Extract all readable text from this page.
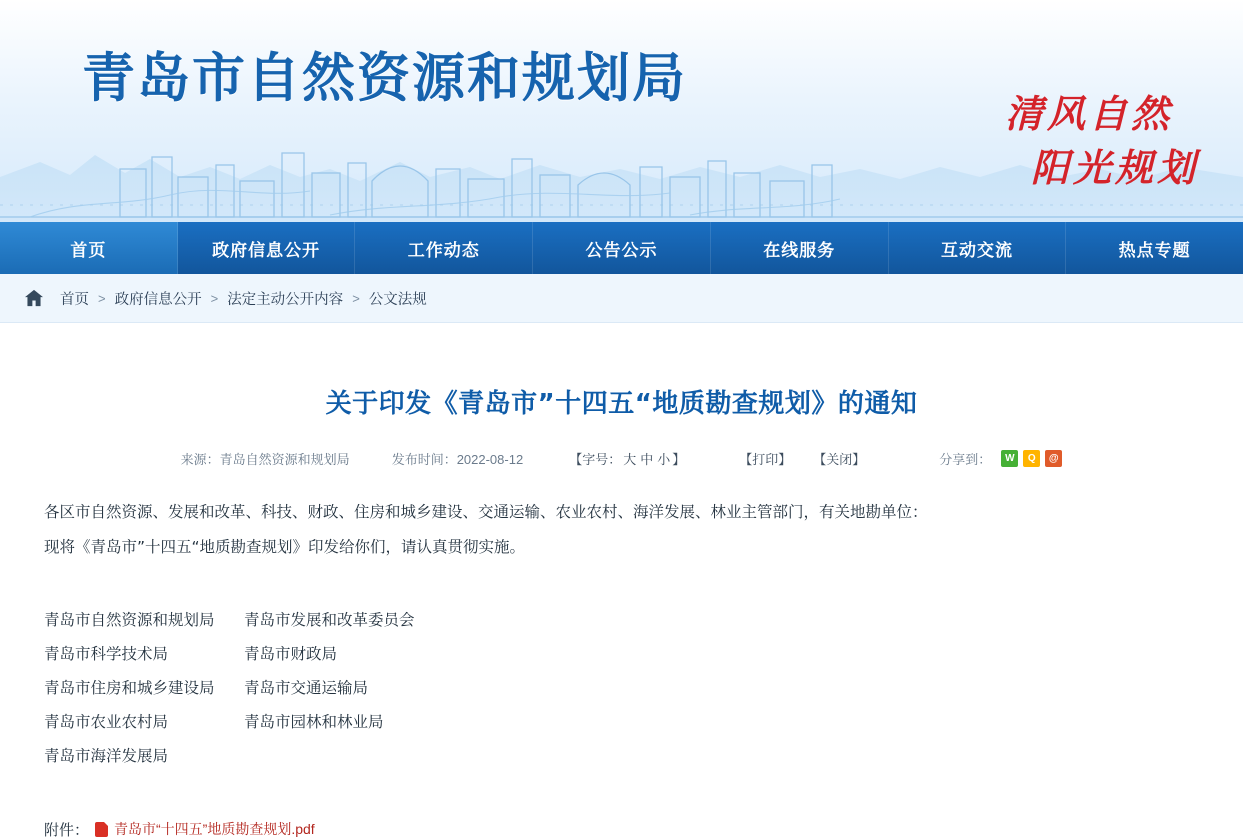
青岛市自然资源和规划局
清风自然
阳光规划
首页	政府信息公开	工作动态	公告公示	在线服务	互动交流	热点专题
首页 > 政府信息公开 > 法定主动公开内容 > 公文法规
关于印发《青岛市”十四五“地质勘查规划》的通知
来源：青岛自然资源和规划局	发布时间：2022-08-12	【字号： 大 中 小 】	【打印】 【关闭】	分享到：	W	Q	@

各区市自然资源、发展和改革、科技、财政、住房和城乡建设、交通运输、农业农村、海洋发展、林业主管部门，有关地勘单位：

现将《青岛市”十四五“地质勘查规划》印发给你们，请认真贯彻实施。

青岛市自然资源和规划局	青岛市发展和改革委员会
青岛市科学技术局	青岛市财政局
青岛市住房和城乡建设局	青岛市交通运输局
青岛市农业农村局	青岛市园林和林业局
青岛市海洋发展局
附件： 青岛市“十四五”地质勘查规划.pdf
